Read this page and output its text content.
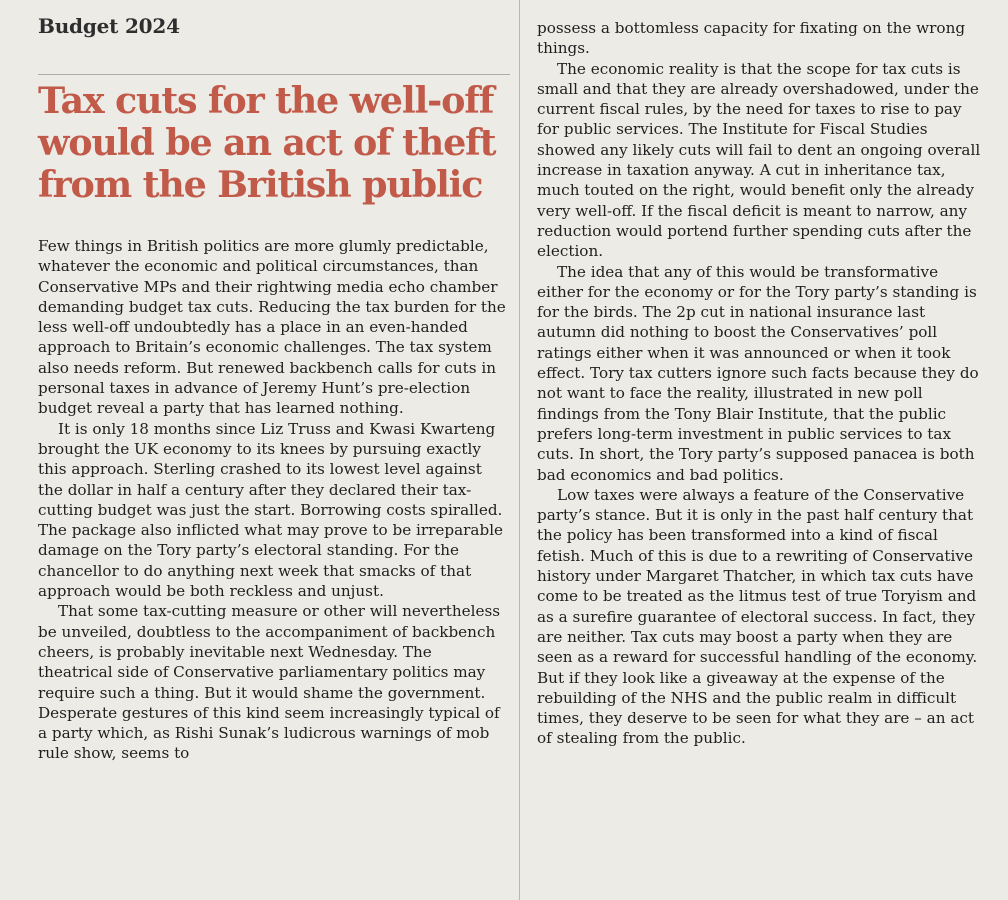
Budget 2024
Tax cuts for the well-off would be an act of theft from the British public

Few things in British politics are more glumly predictable, whatever the economic and political circumstances, than Conservative MPs and their rightwing media echo chamber demanding budget tax cuts. Reducing the tax burden for the less well-off undoubtedly has a place in an even-handed approach to Britain’s economic challenges. The tax system also needs reform. But renewed backbench calls for cuts in personal taxes in advance of Jeremy Hunt’s pre-election budget reveal a party that has learned nothing.

It is only 18 months since Liz Truss and Kwasi Kwarteng brought the UK economy to its knees by pursuing exactly this approach. Sterling crashed to its lowest level against the dollar in half a century after they declared their tax-cutting budget was just the start. Borrowing costs spiralled. The package also inflicted what may prove to be irreparable damage on the Tory party’s electoral standing. For the chancellor to do anything next week that smacks of that approach would be both reckless and unjust.

That some tax-cutting measure or other will nevertheless be unveiled, doubtless to the accompaniment of backbench cheers, is probably inevitable next Wednesday. The theatrical side of Conservative parliamentary politics may require such a thing. But it would shame the government. Desperate gestures of this kind seem increasingly typical of a party which, as Rishi Sunak’s ludicrous warnings of mob rule show, seems to

possess a bottomless capacity for fixating on the wrong things.

The economic reality is that the scope for tax cuts is small and that they are already overshadowed, under the current fiscal rules, by the need for taxes to rise to pay for public services. The Institute for Fiscal Studies showed any likely cuts will fail to dent an ongoing overall increase in taxation anyway. A cut in inheritance tax, much touted on the right, would benefit only the already very well-off. If the fiscal deficit is meant to narrow, any reduction would portend further spending cuts after the election.

The idea that any of this would be transformative either for the economy or for the Tory party’s standing is for the birds. The 2p cut in national insurance last autumn did nothing to boost the Conservatives’ poll ratings either when it was announced or when it took effect. Tory tax cutters ignore such facts because they do not want to face the reality, illustrated in new poll findings from the Tony Blair Institute, that the public prefers long-term investment in public services to tax cuts. In short, the Tory party’s supposed panacea is both bad economics and bad politics.

Low taxes were always a feature of the Conservative party’s stance. But it is only in the past half century that the policy has been transformed into a kind of fiscal fetish. Much of this is due to a rewriting of Conservative history under Margaret Thatcher, in which tax cuts have come to be treated as the litmus test of true Toryism and as a surefire guarantee of electoral success. In fact, they are neither. Tax cuts may boost a party when they are seen as a reward for successful handling of the economy. But if they look like a giveaway at the expense of the rebuilding of the NHS and the public realm in difficult times, they deserve to be seen for what they are – an act of stealing from the public.
